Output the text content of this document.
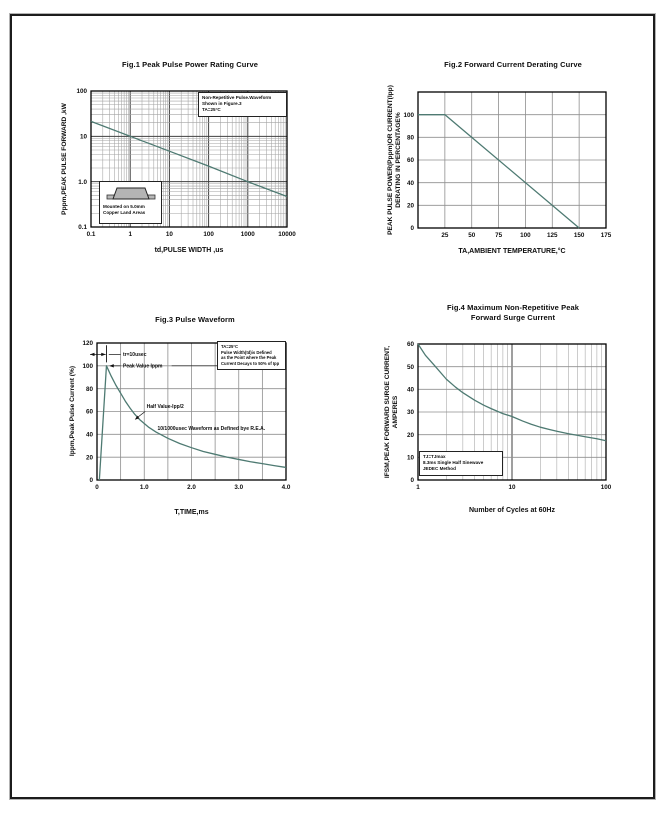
Fig.1 Peak Pulse Power Rating Curve
Pppm,PEAK PULSE FORWARD ,kW
0.1	1	10	100	1000	10000
0.1
1.0
10
100
Non-Repetitive Pulse.Waveform
Shown in Figure.3
TA=25°C
Mounted on 5.0mm
Copper Land Areas
td,PULSE WIDTH ,us
Fig.2 Forward Current Derating Curve
PEAK PULSE POWER(Pppm)OR CURRENT(Ipp) DERATING IN PERCENTAGE%
25	50	75	100	125	150	175
0
20
40
60
80
100
TA,AMBIENT TEMPERATURE,°C
Fig.3 Pulse Waveform
Ippm,Peak Pulse Current (%)
0	1.0	2.0	3.0	4.0
0
20
40
60
80
100
120
tr=10usec
Peak Value Ippm
Half Value-Ipp/2
10/1000usec Waveform as Defined bye R.E.A.
TA=25°C
Pulse Width(td)is Defined
as the Point where the Peak
Current Decays to 50% of Ipp
T,TIME,ms
Fig.4 Maximum Non-Repetitive Peak
Forward Surge Current
IFSM,PEAK FORWARD SURGE CURRENT, AMPERES
1	10	100
0
10
20
30
40
50
60
TJ=TJmax
8.3ms Single Half Sinewave
JEDEC Method
Number of Cycles at 60Hz
